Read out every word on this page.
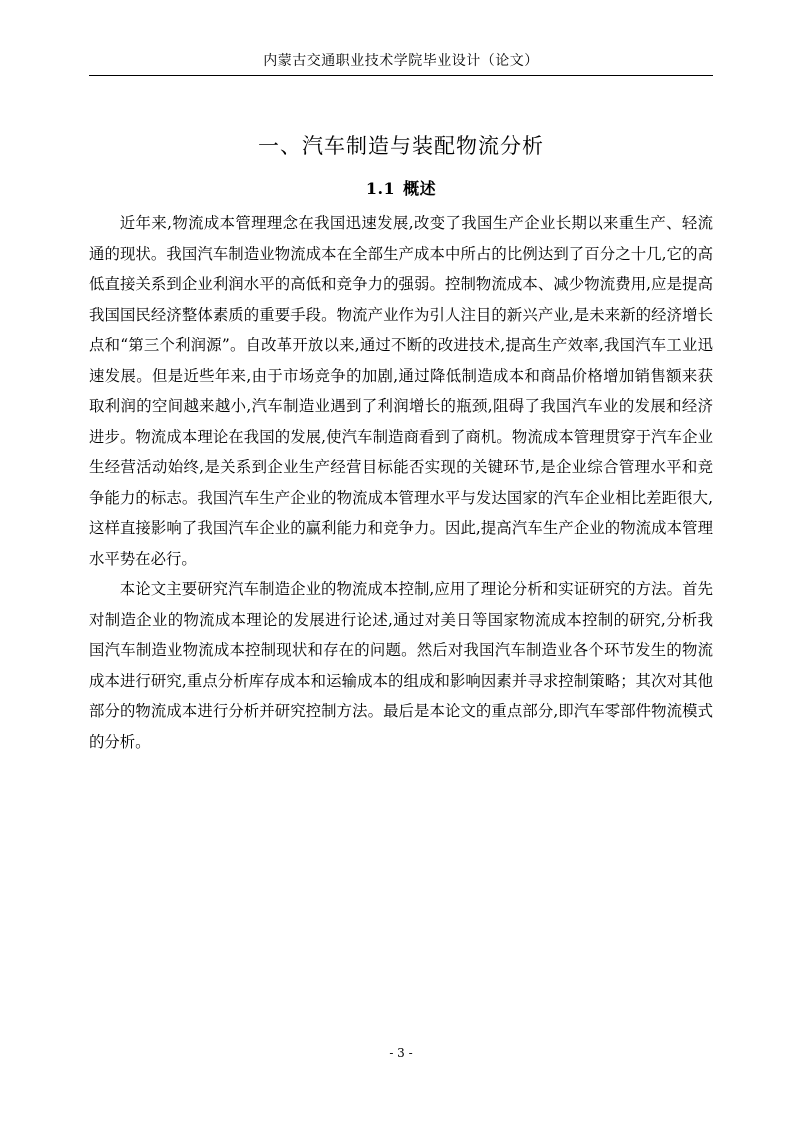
内蒙古交通职业技术学院毕业设计（论文）
一、汽车制造与装配物流分析
1.1 概述

近年来,物流成本管理理念在我国迅速发展,改变了我国生产企业长期以来重生产、轻流通的现状。我国汽车制造业物流成本在全部生产成本中所占的比例达到了百分之十几,它的高低直接关系到企业利润水平的高低和竞争力的强弱。控制物流成本、减少物流费用,应是提高我国国民经济整体素质的重要手段。物流产业作为引人注目的新兴产业,是未来新的经济增长点和“第三个利润源”。自改革开放以来,通过不断的改进技术,提高生产效率,我国汽车工业迅速发展。但是近些年来,由于市场竞争的加剧,通过降低制造成本和商品价格增加销售额来获取利润的空间越来越小,汽车制造业遇到了利润增长的瓶颈,阻碍了我国汽车业的发展和经济进步。物流成本理论在我国的发展,使汽车制造商看到了商机。物流成本管理贯穿于汽车企业生经营活动始终,是关系到企业生产经营目标能否实现的关键环节,是企业综合管理水平和竞争能力的标志。我国汽车生产企业的物流成本管理水平与发达国家的汽车企业相比差距很大,这样直接影响了我国汽车企业的赢利能力和竞争力。因此,提高汽车生产企业的物流成本管理水平势在必行。

本论文主要研究汽车制造企业的物流成本控制,应用了理论分析和实证研究的方法。首先对制造企业的物流成本理论的发展进行论述,通过对美日等国家物流成本控制的研究,分析我国汽车制造业物流成本控制现状和存在的问题。然后对我国汽车制造业各个环节发生的物流成本进行研究,重点分析库存成本和运输成本的组成和影响因素并寻求控制策略；其次对其他部分的物流成本进行分析并研究控制方法。最后是本论文的重点部分,即汽车零部件物流模式的分析。

- 3 -
